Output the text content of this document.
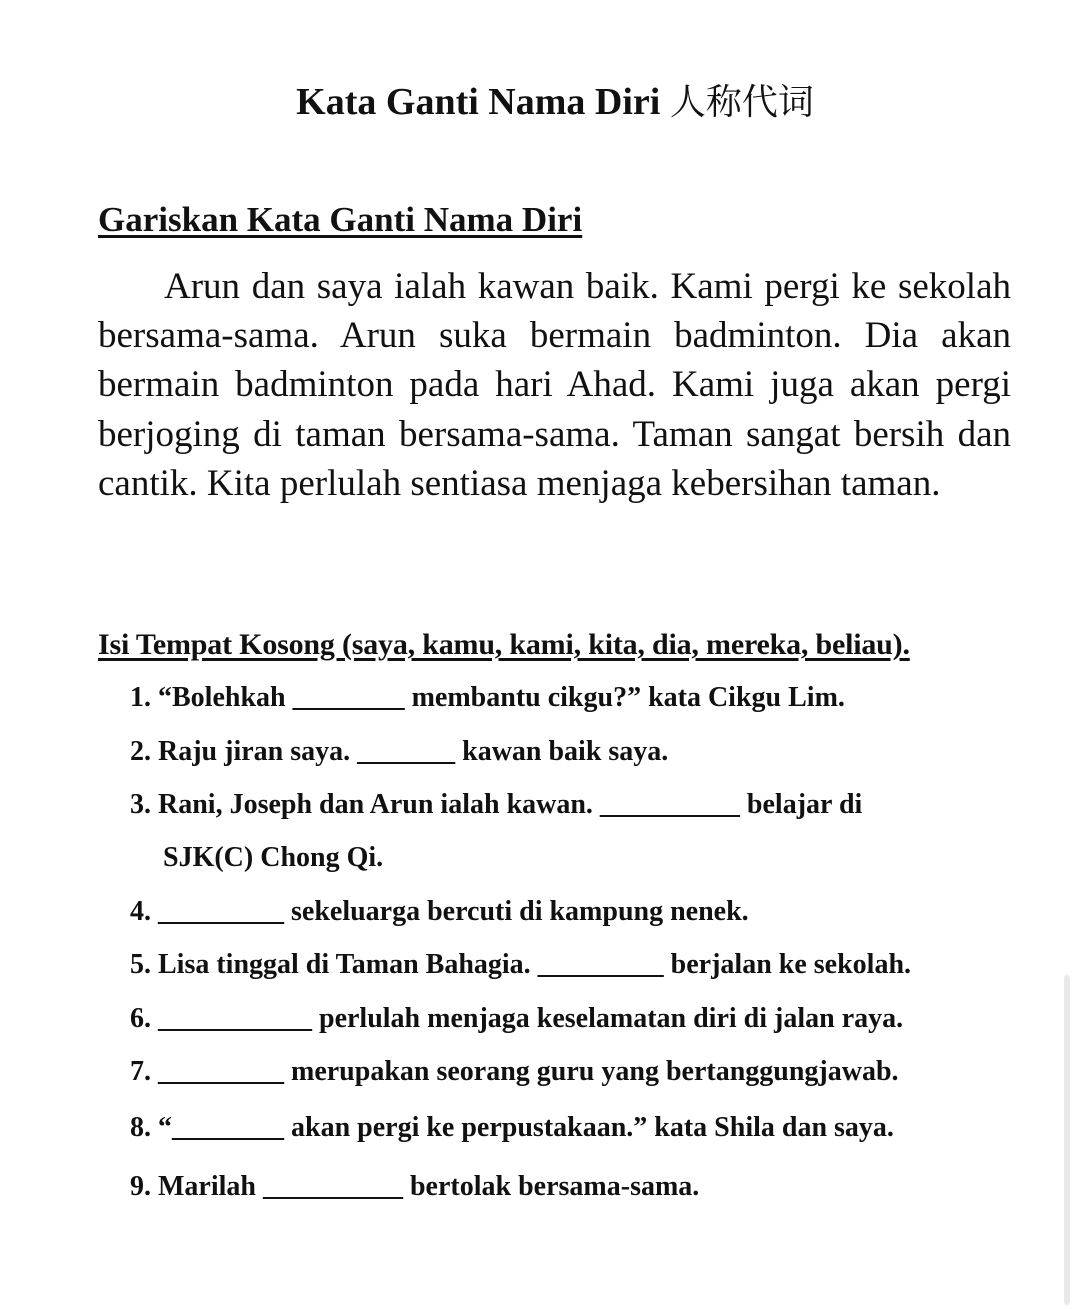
Kata Ganti Nama Diri 人称代词
Gariskan Kata Ganti Nama Diri

Arun dan saya ialah kawan baik. Kami pergi ke sekolah bersama-sama. Arun suka bermain badminton. Dia akan bermain badminton pada hari Ahad. Kami juga akan pergi berjoging di taman bersama-sama. Taman sangat bersih dan cantik. Kita perlulah sentiasa menjaga kebersihan taman.

Isi Tempat Kosong (saya, kamu, kami, kita, dia, mereka, beliau).
1. “Bolehkah ________ membantu cikgu?” kata Cikgu Lim.
2. Raju jiran saya. _______ kawan baik saya.
3. Rani, Joseph dan Arun ialah kawan. __________ belajar di
SJK(C) Chong Qi.
4. _________ sekeluarga bercuti di kampung nenek.
5. Lisa tinggal di Taman Bahagia. _________ berjalan ke sekolah.
6. ___________ perlulah menjaga keselamatan diri di jalan raya.
7. _________ merupakan seorang guru yang bertanggungjawab.
8. “________ akan pergi ke perpustakaan.” kata Shila dan saya.
9. Marilah __________ bertolak bersama-sama.
